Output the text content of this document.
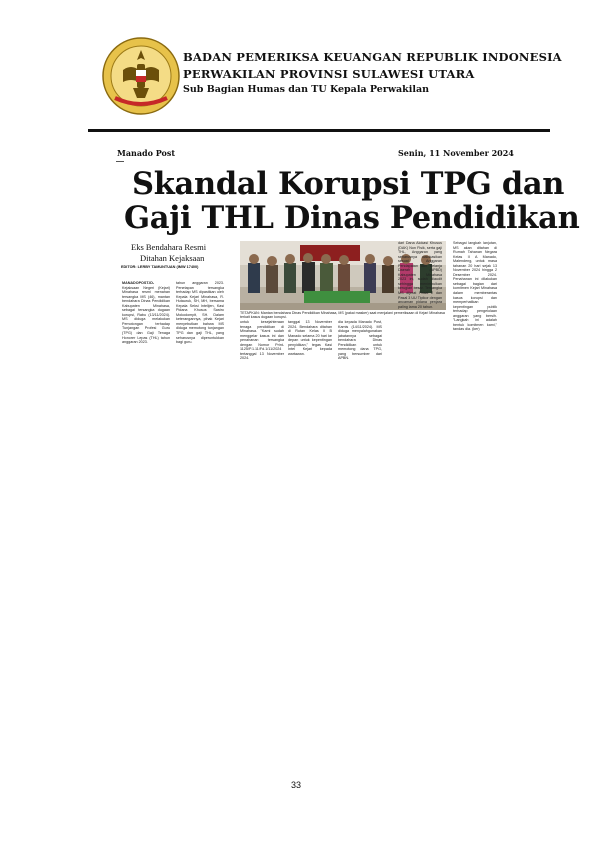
BADAN PEMERIKSA KEUANGAN REPUBLIK INDONESIA
PERWAKILAN PROVINSI SULAWESI UTARA
Sub Bagian Humas dan TU Kepala Perwakilan
Manado Post	Senin, 11 November 2024
Skandal Korupsi TPG dan
Gaji THL Dinas Pendidikan
Eks Bendahara Resmi
Ditahan Kejaksaan
EDITOR: LERBY TAMUNTUAN (IMW 17400)
TETAPKAN: Mantan bendahara Dinas Pendidikan Minahasa, MS (pakai masker) saat menjalani pemeriksaan di Kejari Minahasa terkait kasus dugaan korupsi.

MANADOPOST.ID-Kejaksaan Negeri (Kejari) Minahasa resmi menahan tersangka MS (46), mantan bendahara Dinas Pendidikan Kabupaten Minahasa, sebagai tersangka dugaan korupsi, Rabu (13/11/2024). MS diduga melakukan Pemotongan terhadap Tunjangan Profesi Guru (TPG) dan Gaji Tenaga Honorer Lepas (THL) tahun anggaran 2023.

tahun anggaran 2023. Penetapan tersangka terhadap MS dipastikan oleh Kepala Kejari Minahasa, R. Hutauruk, SH, MH, bersama Kepala Seksi Intelijen, Kasi Pidana Khusus Sastro Mokodompit, SH. Dalam keterangannya, pihak Kejari menyebutkan bahwa MS diduga memotong tunjangan TPG dan gaji THL, yang seharusnya diperuntukkan bagi guru.

untuk kesejahteraan tenaga pendidikan di Minahasa. "Kami sudah menggelar kasus ini dan penahanan tersangka dengan Nomor Print-1125/P.1.11/Fd.1/11/2024 tertanggal 13 November 2024.

tanggal 13 November 2024. Bendahara ditahan di Rutan Kelas II B Manado selama 20 hari ke depan untuk kepentingan penyidikan," tegas Kasi Intel Kejari kepada wartawan.

dia kepada Manado Post, Kamis (14/11/2024). MS diduga menyalahgunakan jabatannya sebagai bendahara Dinas Pendidikan untuk memotong dana TPG, yang bersumber dari APBN.

dari Dana Alokasi Khusus (DAK) Non Fisik, serta gaji THL, Anggaran yang seharusnya dialokasikan sesuai Anggaran Pendapatan dan Belanja Daerah (APBD) Kabupaten Minahasa 2023 ini, sudah diaudit sehingga menimbulkan kerugian besar. Tersangka MS dijerat Pasal 2 dan Pasal 3 UU Tipikor dengan ancaman pidana penjara paling lama 20 tahun.

Sebagai langkah lanjutan, MS akan ditahan di Rumah Tahanan Negara Kelas II A Manado, Malendeng, untuk masa tahanan 20 hari sejak 13 November 2024 hingga 2 Desember 2024. Penahanan ini dilakukan sebagai bagian dari komitmen Kejari Minahasa dalam memberantas kasus korupsi dan memperhatikan kepentingan publik terhadap pengelolaan anggaran yang bersih. "Langkah ini adalah bentuk komitmen kami," tandas dia. (ker)

33
